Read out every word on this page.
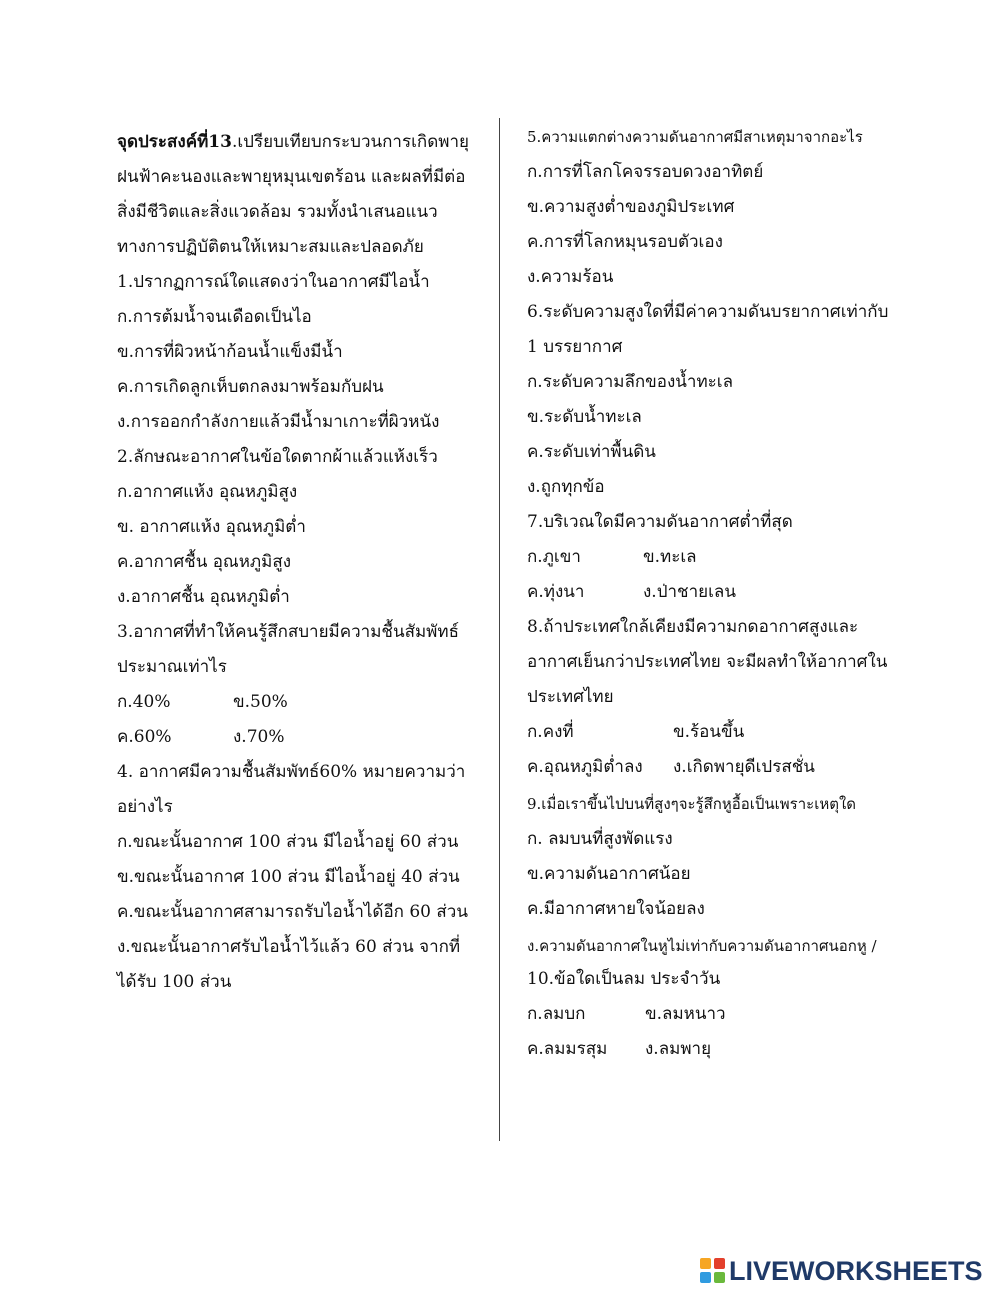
จุดประสงค์ที่13.เปรียบเทียบกระบวนการเกิดพายุ
ฝนฟ้าคะนองและพายุหมุนเขตร้อน และผลที่มีต่อ
สิ่งมีชีวิตและสิ่งแวดล้อม รวมทั้งนำเสนอแนว
ทางการปฏิบัติตนให้เหมาะสมและปลอดภัย
1.ปรากฏการณ์ใดแสดงว่าในอากาศมีไอน้ำ
ก.การต้มน้ำจนเดือดเป็นไอ
ข.การที่ผิวหน้าก้อนน้ำแข็งมีน้ำ
ค.การเกิดลูกเห็บตกลงมาพร้อมกับฝน
ง.การออกกำลังกายแล้วมีน้ำมาเกาะที่ผิวหนัง
2.ลักษณะอากาศในข้อใดตากผ้าแล้วแห้งเร็ว
ก.อากาศแห้ง อุณหภูมิสูง
ข. อากาศแห้ง อุณหภูมิต่ำ
ค.อากาศชื้น อุณหภูมิสูง
ง.อากาศชื้น อุณหภูมิต่ำ
3.อากาศที่ทำให้คนรู้สึกสบายมีความชื้นสัมพัทธ์
ประมาณเท่าไร
ก.40%	ข.50%
ค.60%	ง.70%
4. อากาศมีความชื้นสัมพัทธ์60% หมายความว่า
อย่างไร
ก.ขณะนั้นอากาศ 100 ส่วน มีไอน้ำอยู่ 60 ส่วน
ข.ขณะนั้นอากาศ 100 ส่วน มีไอน้ำอยู่ 40 ส่วน
ค.ขณะนั้นอากาศสามารถรับไอน้ำได้อีก 60 ส่วน
ง.ขณะนั้นอากาศรับไอน้ำไว้แล้ว 60 ส่วน จากที่
ได้รับ 100 ส่วน
5.ความแตกต่างความดันอากาศมีสาเหตุมาจากอะไร
ก.การที่โลกโคจรรอบดวงอาทิตย์
ข.ความสูงต่ำของภูมิประเทศ
ค.การที่โลกหมุนรอบตัวเอง
ง.ความร้อน
6.ระดับความสูงใดที่มีค่าความดันบรยากาศเท่ากับ
1 บรรยากาศ
ก.ระดับความลึกของน้ำทะเล
ข.ระดับน้ำทะเล
ค.ระดับเท่าพื้นดิน
ง.ถูกทุกข้อ
7.บริเวณใดมีความดันอากาศต่ำที่สุด
ก.ภูเขา	ข.ทะเล
ค.ทุ่งนา	ง.ป่าชายเลน
8.ถ้าประเทศใกล้เคียงมีความกดอากาศสูงและ
อากาศเย็นกว่าประเทศไทย จะมีผลทำให้อากาศใน
ประเทศไทย
ก.คงที่	ข.ร้อนขึ้น
ค.อุณหภูมิต่ำลง ง.เกิดพายุดีเปรสชั่น
9.เมื่อเราขึ้นไปบนที่สูงๆจะรู้สึกหูอื้อเป็นเพราะเหตุใด
ก. ลมบนที่สูงพัดแรง
ข.ความดันอากาศน้อย
ค.มีอากาศหายใจน้อยลง
ง.ความดันอากาศในหูไม่เท่ากับความดันอากาศนอกหู /
10.ข้อใดเป็นลม ประจำวัน
ก.ลมบก	ข.ลมหนาว
ค.ลมมรสุม ง.ลมพายุ
LIVEWORKSHEETS
